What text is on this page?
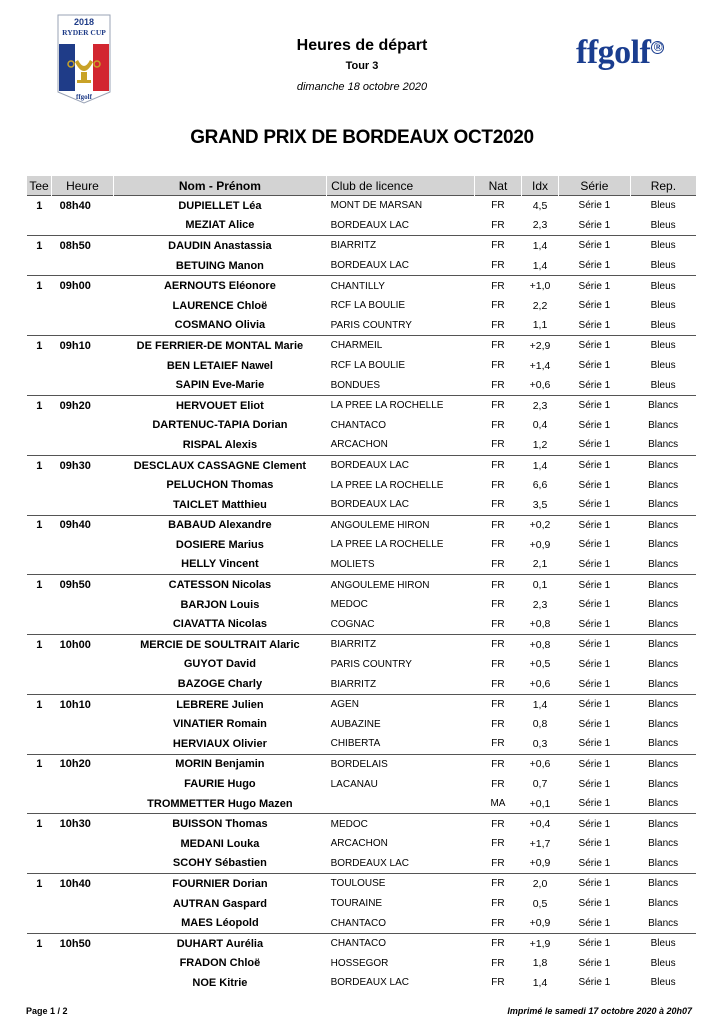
2018
RYDER CUP
ffgolf
ffgolf ®
Heures de départ
Tour 3
dimanche 18 octobre 2020
GRAND PRIX DE BORDEAUX OCT2020
Tee	Heure	Nom - Prénom	Club de licence	Nat	Idx	Série	Rep.
1	08h40	DUPIELLET Léa	MONT DE MARSAN	FR	4,5	Série 1	Bleus
		MEZIAT Alice	BORDEAUX LAC	FR	2,3	Série 1	Bleus
1	08h50	DAUDIN Anastassia	BIARRITZ	FR	1,4	Série 1	Bleus
		BETUING Manon	BORDEAUX LAC	FR	1,4	Série 1	Bleus
1	09h00	AERNOUTS Eléonore	CHANTILLY	FR	+1,0	Série 1	Bleus
		LAURENCE Chloë	RCF LA BOULIE	FR	2,2	Série 1	Bleus
		COSMANO Olivia	PARIS COUNTRY	FR	1,1	Série 1	Bleus
1	09h10	DE FERRIER-DE MONTAL Marie	CHARMEIL	FR	+2,9	Série 1	Bleus
		BEN LETAIEF Nawel	RCF LA BOULIE	FR	+1,4	Série 1	Bleus
		SAPIN Eve-Marie	BONDUES	FR	+0,6	Série 1	Bleus
1	09h20	HERVOUET Eliot	LA PREE LA ROCHELLE	FR	2,3	Série 1	Blancs
		DARTENUC-TAPIA Dorian	CHANTACO	FR	0,4	Série 1	Blancs
		RISPAL Alexis	ARCACHON	FR	1,2	Série 1	Blancs
1	09h30	DESCLAUX CASSAGNE Clement	BORDEAUX LAC	FR	1,4	Série 1	Blancs
		PELUCHON Thomas	LA PREE LA ROCHELLE	FR	6,6	Série 1	Blancs
		TAICLET Matthieu	BORDEAUX LAC	FR	3,5	Série 1	Blancs
1	09h40	BABAUD Alexandre	ANGOULEME HIRON	FR	+0,2	Série 1	Blancs
		DOSIERE Marius	LA PREE LA ROCHELLE	FR	+0,9	Série 1	Blancs
		HELLY Vincent	MOLIETS	FR	2,1	Série 1	Blancs
1	09h50	CATESSON Nicolas	ANGOULEME HIRON	FR	0,1	Série 1	Blancs
		BARJON Louis	MEDOC	FR	2,3	Série 1	Blancs
		CIAVATTA Nicolas	COGNAC	FR	+0,8	Série 1	Blancs
1	10h00	MERCIE DE SOULTRAIT Alaric	BIARRITZ	FR	+0,8	Série 1	Blancs
		GUYOT David	PARIS COUNTRY	FR	+0,5	Série 1	Blancs
		BAZOGE Charly	BIARRITZ	FR	+0,6	Série 1	Blancs
1	10h10	LEBRERE Julien	AGEN	FR	1,4	Série 1	Blancs
		VINATIER Romain	AUBAZINE	FR	0,8	Série 1	Blancs
		HERVIAUX Olivier	CHIBERTA	FR	0,3	Série 1	Blancs
1	10h20	MORIN Benjamin	BORDELAIS	FR	+0,6	Série 1	Blancs
		FAURIE Hugo	LACANAU	FR	0,7	Série 1	Blancs
		TROMMETTER Hugo Mazen		MA	+0,1	Série 1	Blancs
1	10h30	BUISSON Thomas	MEDOC	FR	+0,4	Série 1	Blancs
		MEDANI Louka	ARCACHON	FR	+1,7	Série 1	Blancs
		SCOHY Sébastien	BORDEAUX LAC	FR	+0,9	Série 1	Blancs
1	10h40	FOURNIER Dorian	TOULOUSE	FR	2,0	Série 1	Blancs
		AUTRAN Gaspard	TOURAINE	FR	0,5	Série 1	Blancs
		MAES Léopold	CHANTACO	FR	+0,9	Série 1	Blancs
1	10h50	DUHART Aurélia	CHANTACO	FR	+1,9	Série 1	Bleus
		FRADON Chloë	HOSSEGOR	FR	1,8	Série 1	Bleus
		NOE Kitrie	BORDEAUX LAC	FR	1,4	Série 1	Bleus
Page 1 / 2	Imprimé le samedi 17 octobre 2020 à 20h07
